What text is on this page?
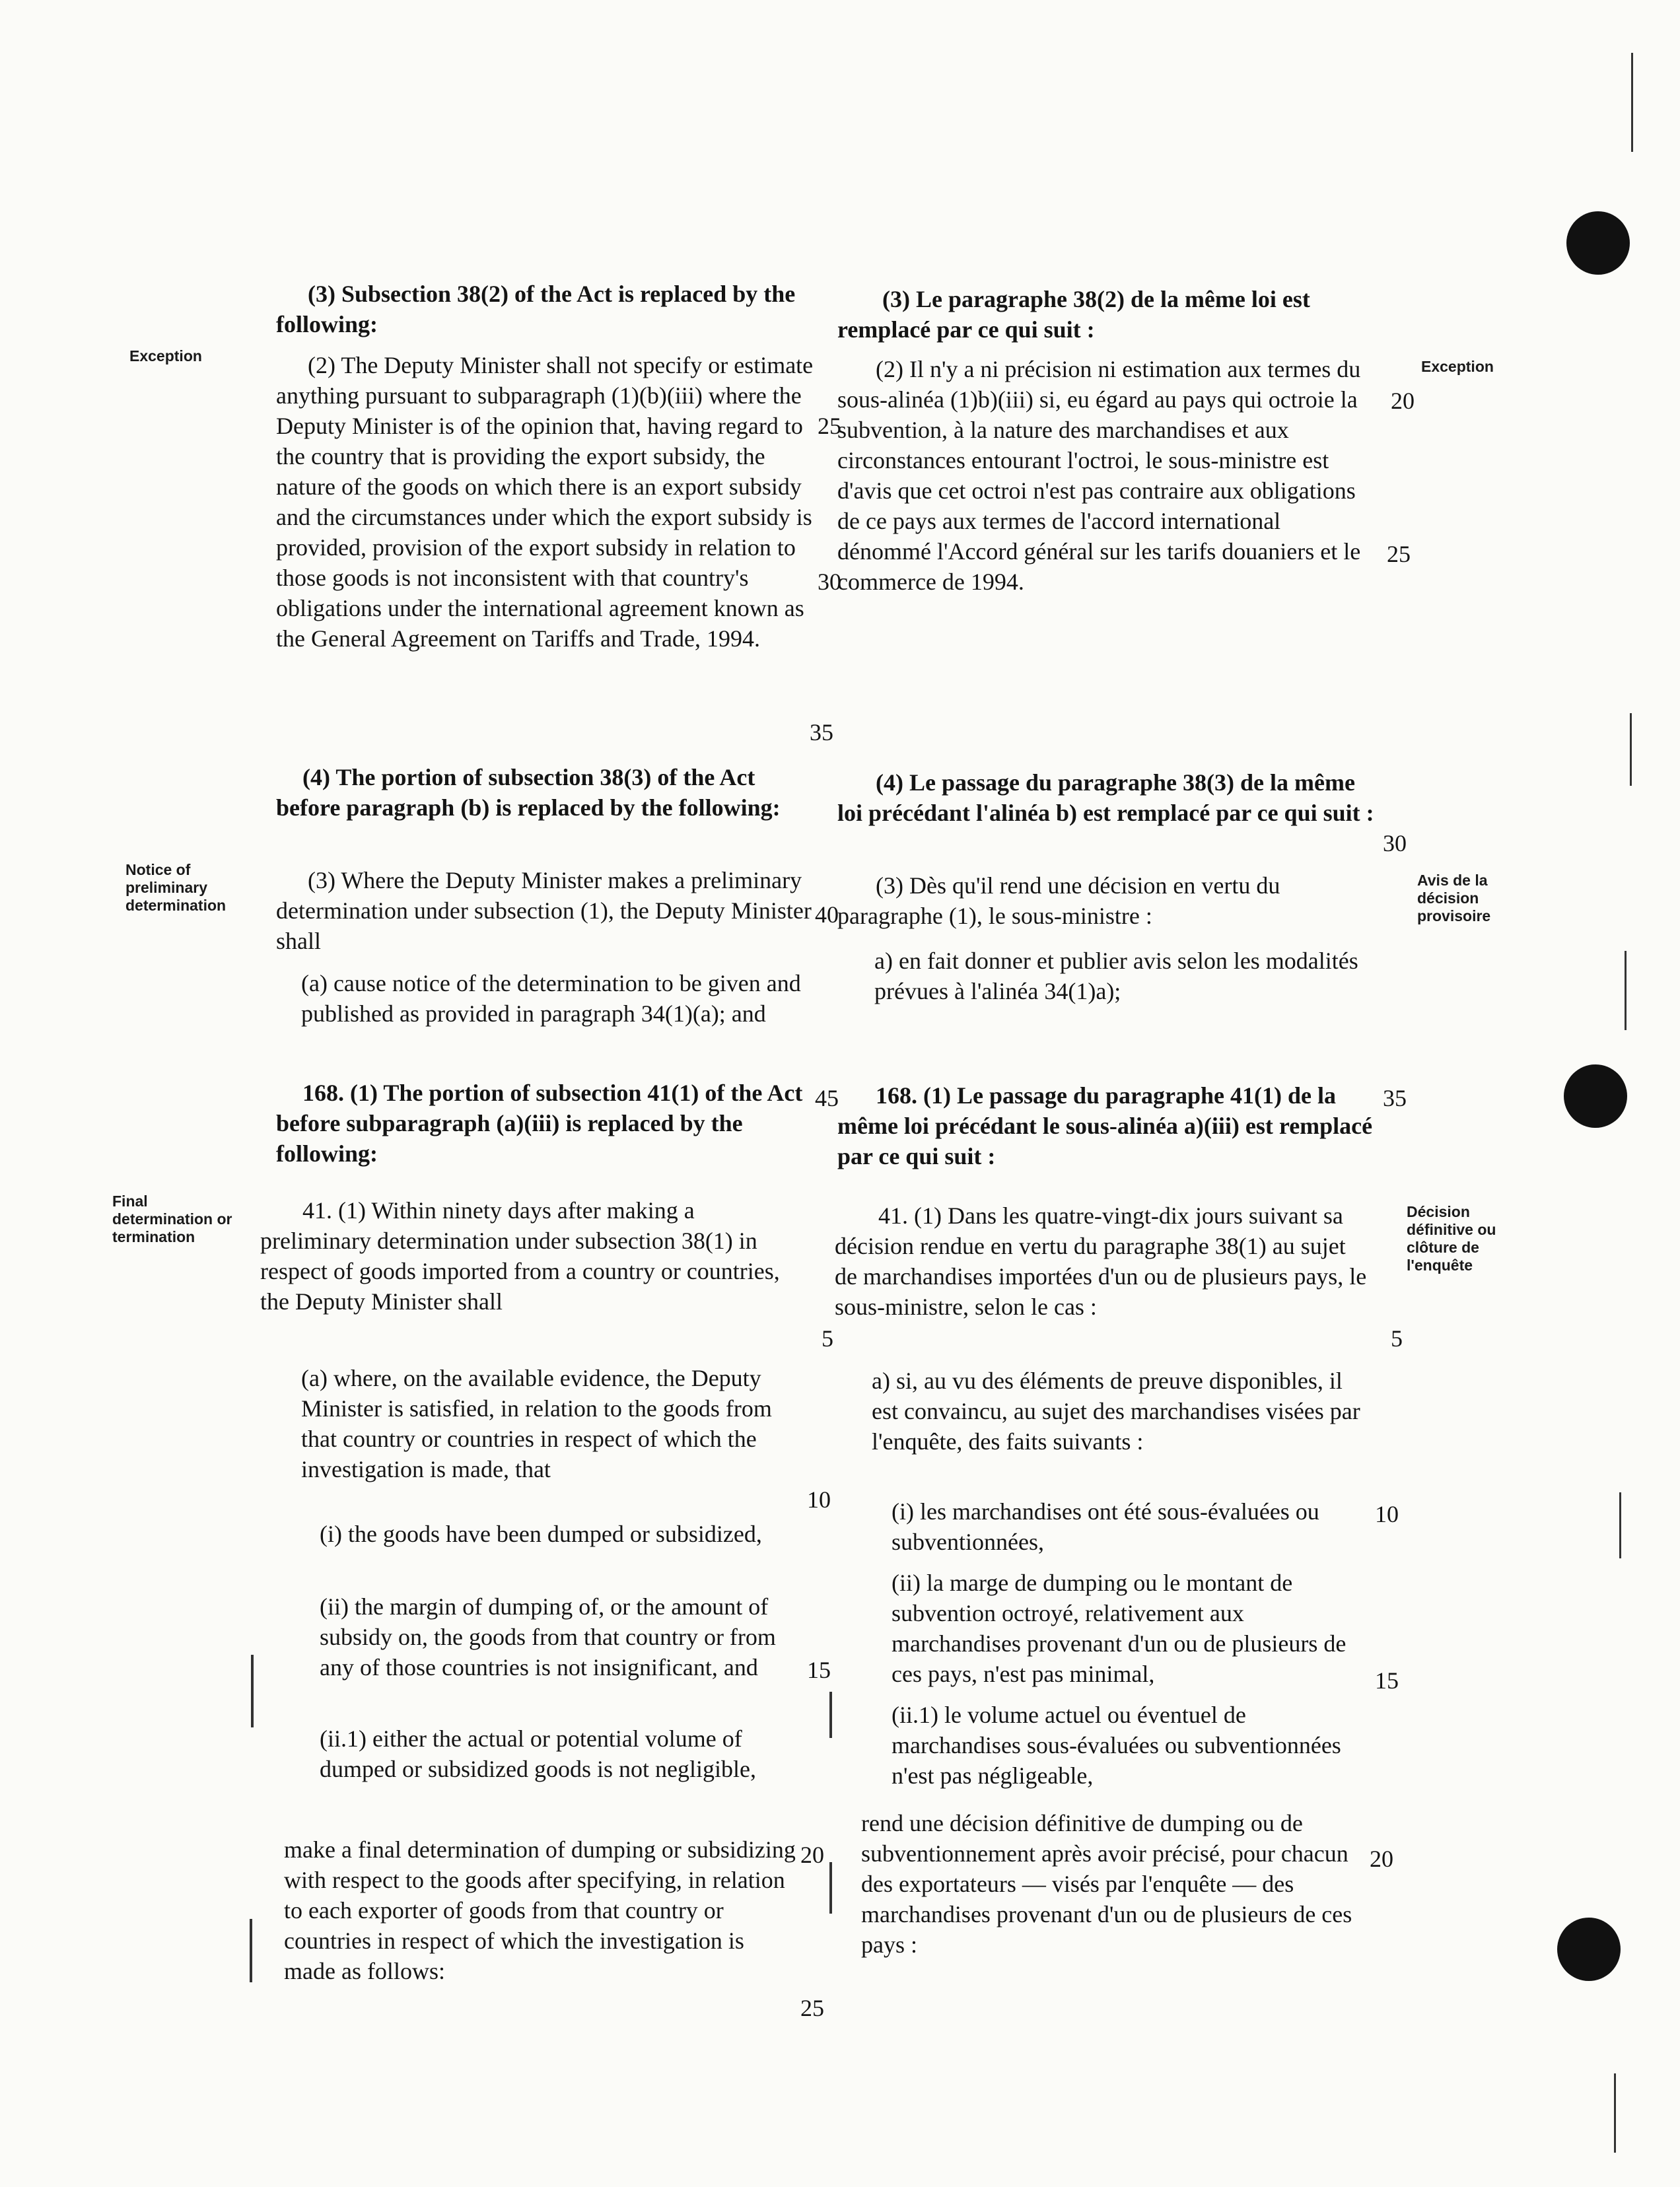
Exception
Notice of preliminary determination
Final determination or termination
Exception
Avis de la décision provisoire
Décision définitive ou clôture de l'enquête

(3) Subsection 38(2) of the Act is replaced by the following:

(2) The Deputy Minister shall not specify or estimate anything pursuant to subparagraph (1)(b)(iii) where the Deputy Minister is of the opinion that, having regard to the country that is providing the export subsidy, the nature of the goods on which there is an export subsidy and the circumstances under which the export subsidy is provided, provision of the export subsidy in relation to those goods is not inconsistent with that country's obligations under the international agreement known as the General Agreement on Tariffs and Trade, 1994.

(4) The portion of subsection 38(3) of the Act before paragraph (b) is replaced by the following:

(3) Where the Deputy Minister makes a preliminary determination under subsection (1), the Deputy Minister shall

(a) cause notice of the determination to be given and published as provided in paragraph 34(1)(a); and

168. (1) The portion of subsection 41(1) of the Act before subparagraph (a)(iii) is replaced by the following:

41. (1) Within ninety days after making a preliminary determination under subsection 38(1) in respect of goods imported from a country or countries, the Deputy Minister shall

(a) where, on the available evidence, the Deputy Minister is satisfied, in relation to the goods from that country or countries in respect of which the investigation is made, that

(i) the goods have been dumped or subsidized,

(ii) the margin of dumping of, or the amount of subsidy on, the goods from that country or from any of those countries is not insignificant, and

(ii.1) either the actual or potential volume of dumped or subsidized goods is not negligible,

make a final determination of dumping or subsidizing with respect to the goods after specifying, in relation to each exporter of goods from that country or countries in respect of which the investigation is made as follows:

(3) Le paragraphe 38(2) de la même loi est remplacé par ce qui suit :

(2) Il n'y a ni précision ni estimation aux termes du sous-alinéa (1)b)(iii) si, eu égard au pays qui octroie la subvention, à la nature des marchandises et aux circonstances entourant l'octroi, le sous-ministre est d'avis que cet octroi n'est pas contraire aux obligations de ce pays aux termes de l'accord international dénommé l'Accord général sur les tarifs douaniers et le commerce de 1994.

(4) Le passage du paragraphe 38(3) de la même loi précédant l'alinéa b) est remplacé par ce qui suit :

(3) Dès qu'il rend une décision en vertu du paragraphe (1), le sous-ministre :

a) en fait donner et publier avis selon les modalités prévues à l'alinéa 34(1)a);

168. (1) Le passage du paragraphe 41(1) de la même loi précédant le sous-alinéa a)(iii) est remplacé par ce qui suit :

41. (1) Dans les quatre-vingt-dix jours suivant sa décision rendue en vertu du paragraphe 38(1) au sujet de marchandises importées d'un ou de plusieurs pays, le sous-ministre, selon le cas :

a) si, au vu des éléments de preuve disponibles, il est convaincu, au sujet des marchandises visées par l'enquête, des faits suivants :

(i) les marchandises ont été sous-évaluées ou subventionnées,

(ii) la marge de dumping ou le montant de subvention octroyé, relativement aux marchandises provenant d'un ou de plusieurs de ces pays, n'est pas minimal,

(ii.1) le volume actuel ou éventuel de marchandises sous-évaluées ou subventionnées n'est pas négligeable,

rend une décision définitive de dumping ou de subventionnement après avoir précisé, pour chacun des exportateurs — visés par l'enquête — des marchandises provenant d'un ou de plusieurs de ces pays :

25
30
35
40
45
5
10
15
20
25
20
25
30
35
5
10
15
20
